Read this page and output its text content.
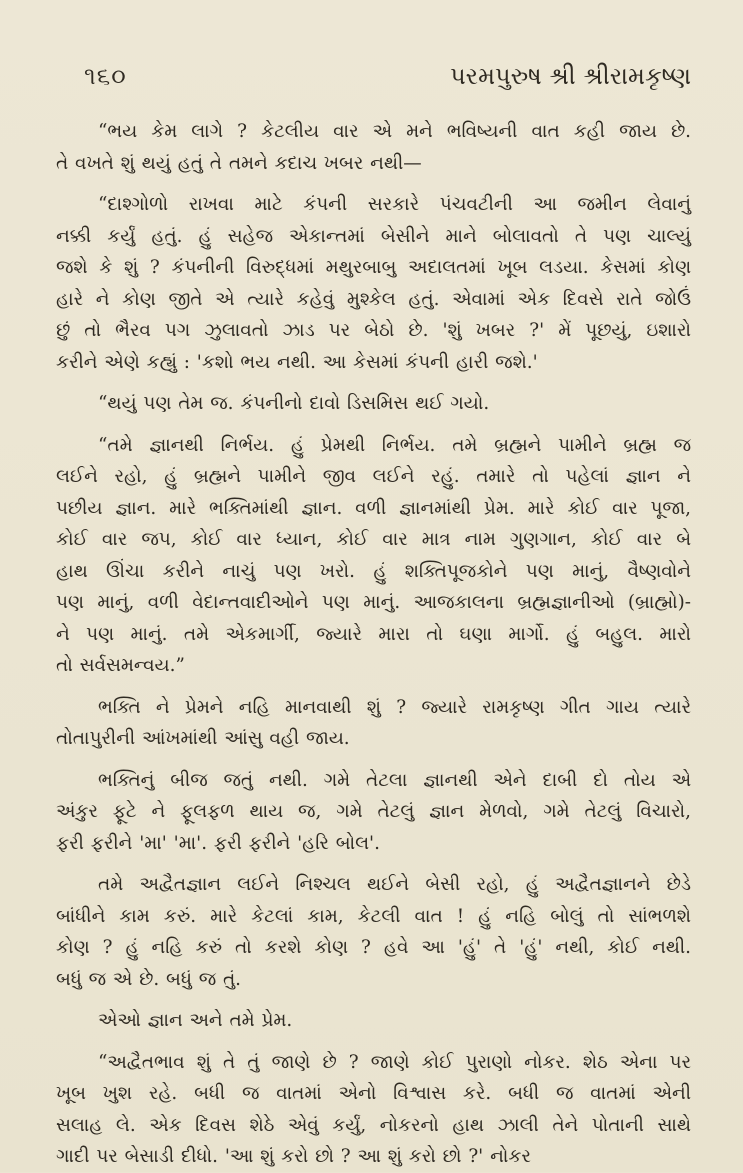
૧૬૦	પરમપુરુષ શ્રી શ્રીરામકૃષ્ણ

“ભય કેમ લાગે ? કેટલીય વાર એ મને ભવિષ્યની વાત કહી જાય છે.
તે વખતે શું થયું હતું તે તમને કદાચ ખબર નથી—

“દાશ્ગોળો રાખવા માટે કંપની સરકારે પંચવટીની આ જમીન લેવાનું
નક્કી કર્યું હતું. હું સહેજ એકાન્તમાં બેસીને માને બોલાવતો તે પણ ચાલ્યું
જશે કે શું ? કંપનીની વિરુદ્ધમાં મથુરબાબુ અદાલતમાં ખૂબ લડયા. કેસમાં કોણ
હારે ને કોણ જીતે એ ત્યારે કહેવું મુશ્કેલ હતું. એવામાં એક દિવસે રાતે જોઉં
છું તો ભૈરવ પગ ઝુલાવતો ઝાડ પર બેઠો છે. 'શું ખબર ?' મેં પૂછયું, ઇશારો
કરીને એણે કહ્યું : 'કશો ભય નથી. આ કેસમાં કંપની હારી જશે.'

“થયું પણ તેમ જ. કંપનીનો દાવો ડિસમિસ થઈ ગયો.

“તમે જ્ઞાનથી નિર્ભય. હું પ્રેમથી નિર્ભય. તમે બ્રહ્મને પામીને બ્રહ્મ જ
લઈને રહો, હું બ્રહ્મને પામીને જીવ લઈને રહું. તમારે તો પહેલાં જ્ઞાન ને
પછીય જ્ઞાન. મારે ભક્તિમાંથી જ્ઞાન. વળી જ્ઞાનમાંથી પ્રેમ. મારે કોઈ વાર પૂજા,
કોઈ વાર જપ, કોઈ વાર ધ્યાન, કોઈ વાર માત્ર નામ ગુણગાન, કોઈ વાર બે
હાથ ઊંચા કરીને નાચું પણ ખરો. હું શક્તિપૂજકોને પણ માનું, વૈષ્ણવોને
પણ માનું, વળી વેદાન્તવાદીઓને પણ માનું. આજકાલના બ્રહ્મજ્ઞાનીઓ (બ્રાહ્મો)-
ને પણ માનું. તમે એકમાર્ગી, જ્યારે મારા તો ઘણા માર્ગો. હું બહુલ. મારો
તો સર્વસમન્વય.”

ભક્તિ ને પ્રેમને નહિ માનવાથી શું ? જ્યારે રામકૃષ્ણ ગીત ગાય ત્યારે
તોતાપુરીની આંખમાંથી આંસુ વહી જાય.

ભક્તિનું બીજ જતું નથી. ગમે તેટલા જ્ઞાનથી એને દાબી દો તોય એ
અંકુર ફૂટે ને ફૂલફળ થાય જ, ગમે તેટલું જ્ઞાન મેળવો, ગમે તેટલું વિચારો,
ફરી ફરીને 'મા' 'મા'. ફરી ફરીને 'હરિ બોલ'.

તમે અદ્વૈતજ્ઞાન લઈને નિશ્ચલ થઈને બેસી રહો, હું અદ્વૈતજ્ઞાનને છેડે
બાંધીને કામ કરું. મારે કેટલાં કામ, કેટલી વાત ! હું નહિ બોલું તો સાંભળશે
કોણ ? હું નહિ કરું તો કરશે કોણ ? હવે આ 'હું' તે 'હું' નથી, કોઈ નથી.
બધું જ એ છે. બધું જ તું.

એઓ જ્ઞાન અને તમે પ્રેમ.

“અદ્વૈતભાવ શું તે તું જાણે છે ? જાણે કોઈ પુરાણો નોકર. શેઠ એના પર
ખૂબ ખુશ રહે. બધી જ વાતમાં એનો વિશ્વાસ કરે. બધી જ વાતમાં એની
સલાહ લે. એક દિવસ શેઠે એવું કર્યું, નોકરનો હાથ ઝાલી તેને પોતાની સાથે
ગાદી પર બેસાડી દીધો. 'આ શું કરો છો ? આ શું કરો છો ?' નોકર
